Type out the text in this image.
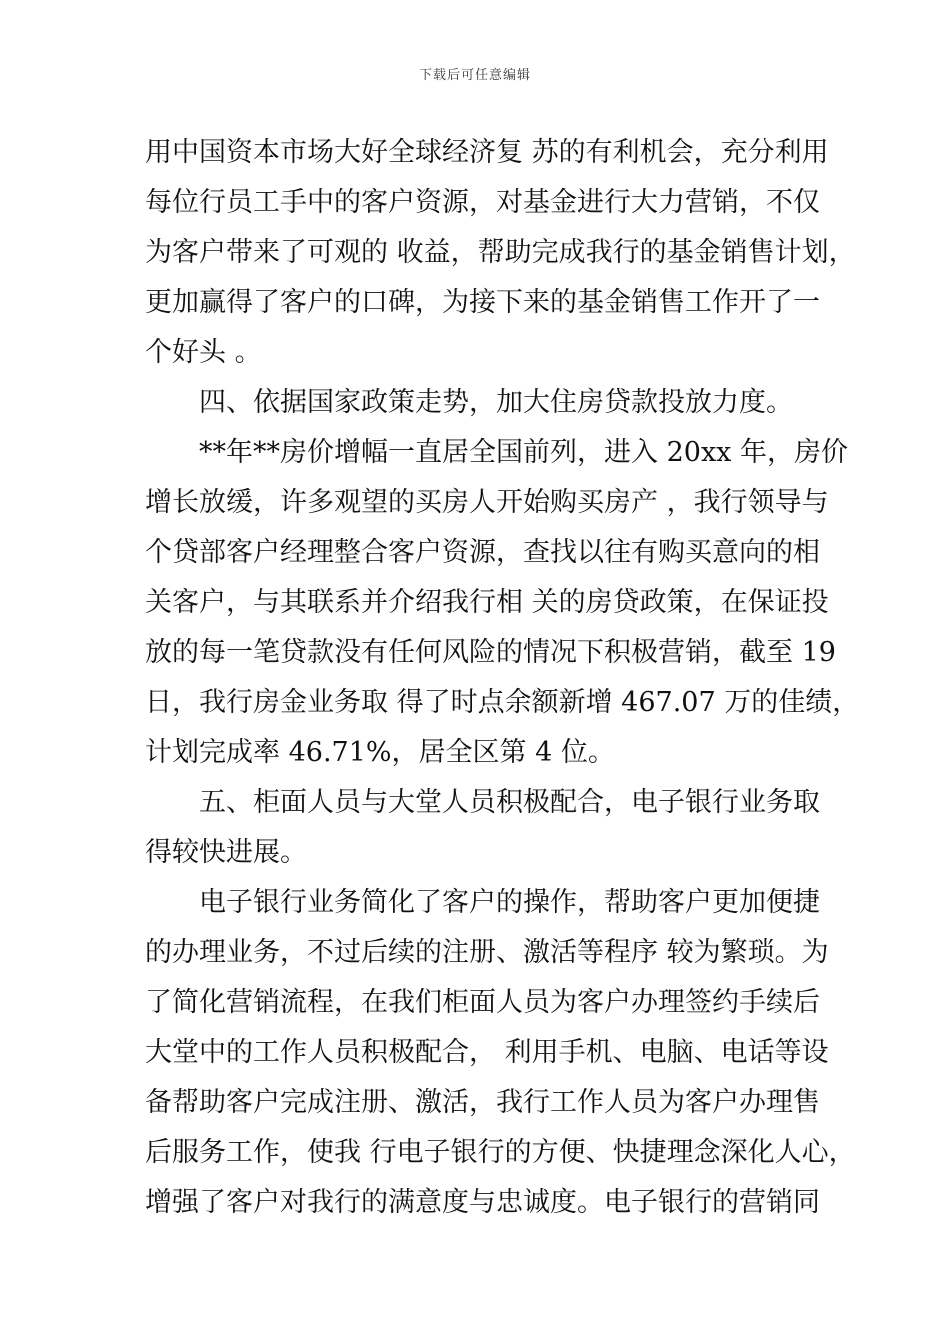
下载后可任意编辑
用中国资本市场大好全球经济复 苏的有利机会，充分利用
每位行员工手中的客户资源，对基金进行大力营销，不仅
为客户带来了可观的 收益，帮助完成我行的基金销售计划，
更加赢得了客户的口碑，为接下来的基金销售工作开了一
个好头 。
四、依据国家政策走势，加大住房贷款投放力度。
**年**房价增幅一直居全国前列，进入 20xx 年，房价
增长放缓，许多观望的买房人开始购买房产 ，我行领导与
个贷部客户经理整合客户资源，查找以往有购买意向的相
关客户，与其联系并介绍我行相 关的房贷政策，在保证投
放的每一笔贷款没有任何风险的情况下积极营销，截至 19
日，我行房金业务取 得了时点余额新增 467.07 万的佳绩，
计划完成率 46.71%，居全区第 4 位。
五、柜面人员与大堂人员积极配合，电子银行业务取
得较快进展。
电子银行业务简化了客户的操作，帮助客户更加便捷
的办理业务，不过后续的注册、激活等程序 较为繁琐。为
了简化营销流程，在我们柜面人员为客户办理签约手续后
大堂中的工作人员积极配合， 利用手机、电脑、电话等设
备帮助客户完成注册、激活，我行工作人员为客户办理售
后服务工作，使我 行电子银行的方便、快捷理念深化人心，
增强了客户对我行的满意度与忠诚度。电子银行的营销同
